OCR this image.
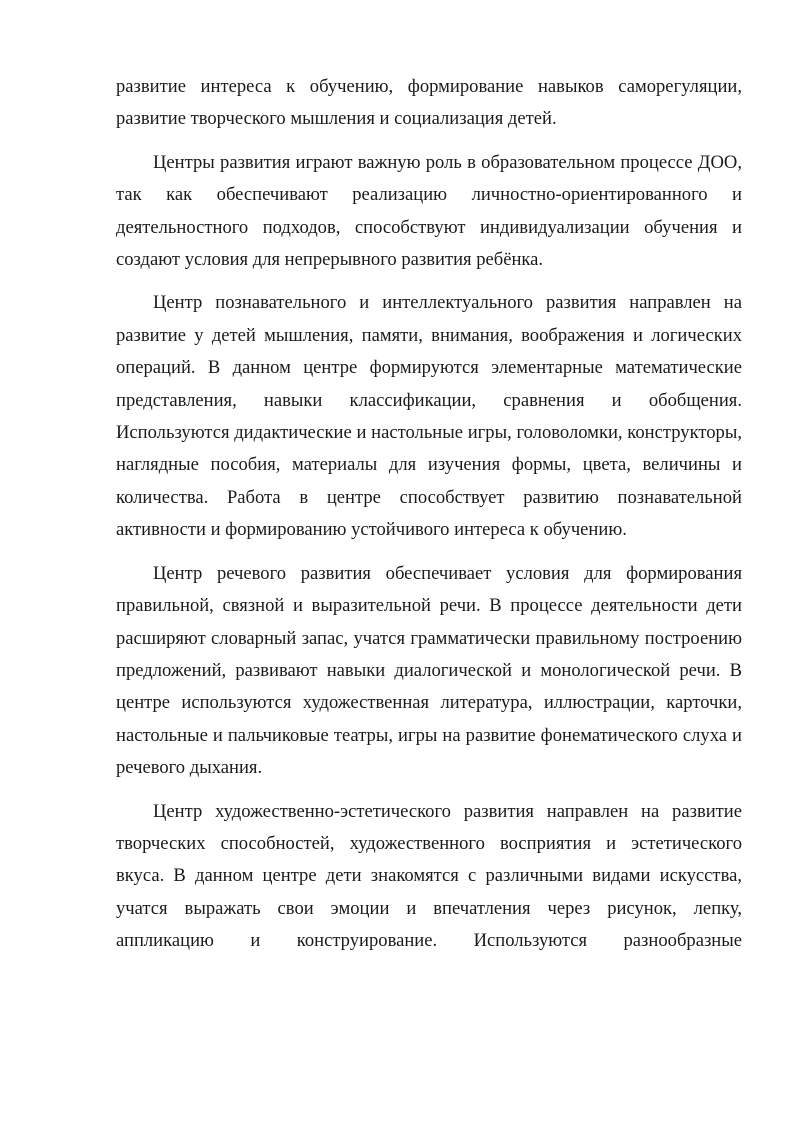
развитие интереса к обучению, формирование навыков саморегуляции, развитие творческого мышления и социализация детей.

Центры развития играют важную роль в образовательном процессе ДОО, так как обеспечивают реализацию личностно-ориентированного и деятельностного подходов, способствуют индивидуализации обучения и создают условия для непрерывного развития ребёнка.

Центр познавательного и интеллектуального развития направлен на развитие у детей мышления, памяти, внимания, воображения и логических операций. В данном центре формируются элементарные математические представления, навыки классификации, сравнения и обобщения. Используются дидактические и настольные игры, головоломки, конструкторы, наглядные пособия, материалы для изучения формы, цвета, величины и количества. Работа в центре способствует развитию познавательной активности и формированию устойчивого интереса к обучению.

Центр речевого развития обеспечивает условия для формирования правильной, связной и выразительной речи. В процессе деятельности дети расширяют словарный запас, учатся грамматически правильному построению предложений, развивают навыки диалогической и монологической речи. В центре используются художественная литература, иллюстрации, карточки, настольные и пальчиковые театры, игры на развитие фонематического слуха и речевого дыхания.

Центр художественно-эстетического развития направлен на развитие творческих способностей, художественного восприятия и эстетического вкуса. В данном центре дети знакомятся с различными видами искусства, учатся выражать свои эмоции и впечатления через рисунок, лепку, аппликацию и конструирование. Используются разнообразные
